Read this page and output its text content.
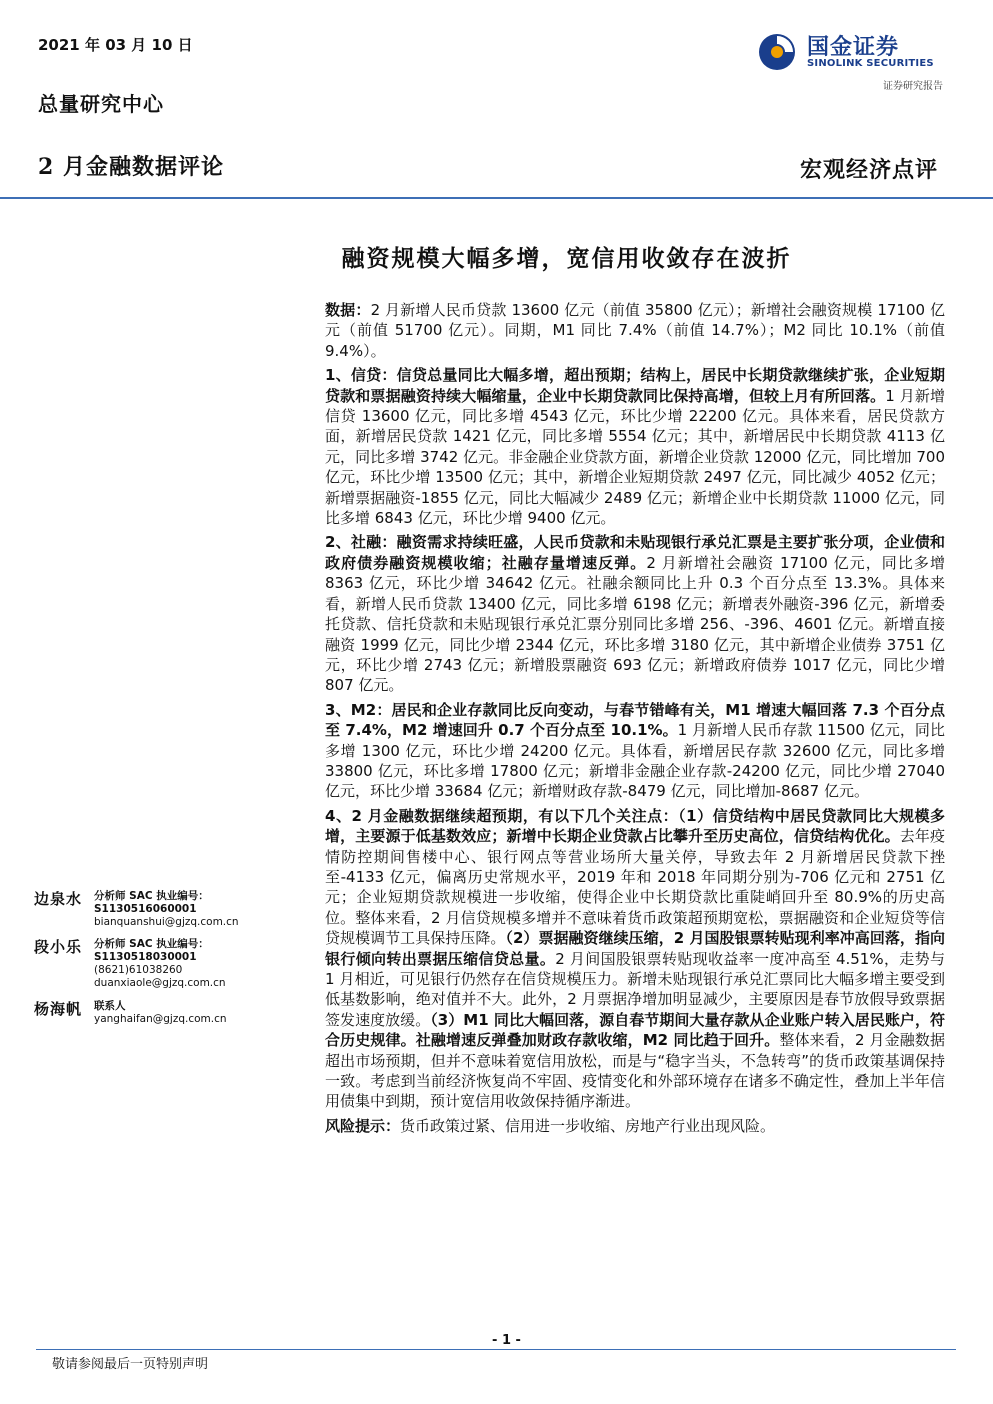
2021 年 03 月 10 日
总量研究中心
国金证券
SINOLINK SECURITIES
证券研究报告
2 月金融数据评论	宏观经济点评
融资规模大幅多增，宽信用收敛存在波折

数据：2 月新增人民币贷款 13600 亿元（前值 35800 亿元）；新增社会融资规模 17100 亿元（前值 51700 亿元）。同期，M1 同比 7.4%（前值 14.7%）；M2 同比 10.1%（前值 9.4%）。

1、信贷：信贷总量同比大幅多增，超出预期；结构上，居民中长期贷款继续扩张，企业短期贷款和票据融资持续大幅缩量，企业中长期贷款同比保持高增，但较上月有所回落。1 月新增信贷 13600 亿元，同比多增 4543 亿元，环比少增 22200 亿元。具体来看，居民贷款方面，新增居民贷款 1421 亿元，同比多增 5554 亿元；其中，新增居民中长期贷款 4113 亿元，同比多增 3742 亿元。非金融企业贷款方面，新增企业贷款 12000 亿元，同比增加 700 亿元，环比少增 13500 亿元；其中，新增企业短期贷款 2497 亿元，同比减少 4052 亿元；新增票据融资-1855 亿元，同比大幅减少 2489 亿元；新增企业中长期贷款 11000 亿元，同比多增 6843 亿元，环比少增 9400 亿元。

2、社融：融资需求持续旺盛，人民币贷款和未贴现银行承兑汇票是主要扩张分项，企业债和政府债券融资规模收缩；社融存量增速反弹。2 月新增社会融资 17100 亿元，同比多增 8363 亿元，环比少增 34642 亿元。社融余额同比上升 0.3 个百分点至 13.3%。具体来看，新增人民币贷款 13400 亿元，同比多增 6198 亿元；新增表外融资-396 亿元，新增委托贷款、信托贷款和未贴现银行承兑汇票分别同比多增 256、-396、4601 亿元。新增直接融资 1999 亿元，同比少增 2344 亿元，环比多增 3180 亿元，其中新增企业债券 3751 亿元，环比少增 2743 亿元；新增股票融资 693 亿元；新增政府债券 1017 亿元，同比少增 807 亿元。

3、M2：居民和企业存款同比反向变动，与春节错峰有关，M1 增速大幅回落 7.3 个百分点至 7.4%，M2 增速回升 0.7 个百分点至 10.1%。1 月新增人民币存款 11500 亿元，同比多增 1300 亿元，环比少增 24200 亿元。具体看，新增居民存款 32600 亿元，同比多增 33800 亿元，环比多增 17800 亿元；新增非金融企业存款-24200 亿元，同比少增 27040 亿元，环比少增 33684 亿元；新增财政存款-8479 亿元，同比增加-8687 亿元。

4、2 月金融数据继续超预期，有以下几个关注点：（1）信贷结构中居民贷款同比大规模多增，主要源于低基数效应；新增中长期企业贷款占比攀升至历史高位，信贷结构优化。去年疫情防控期间售楼中心、银行网点等营业场所大量关停，导致去年 2 月新增居民贷款下挫至-4133 亿元，偏离历史常规水平，2019 年和 2018 年同期分别为-706 亿元和 2751 亿元；企业短期贷款规模进一步收缩，使得企业中长期贷款比重陡峭回升至 80.9%的历史高位。整体来看，2 月信贷规模多增并不意味着货币政策超预期宽松，票据融资和企业短贷等信贷规模调节工具保持压降。（2）票据融资继续压缩，2 月国股银票转贴现利率冲高回落，指向银行倾向转出票据压缩信贷总量。2 月间国股银票转贴现收益率一度冲高至 4.51%，走势与 1 月相近，可见银行仍然存在信贷规模压力。新增未贴现银行承兑汇票同比大幅多增主要受到低基数影响，绝对值并不大。此外，2 月票据净增加明显减少，主要原因是春节放假导致票据签发速度放缓。（3）M1 同比大幅回落，源自春节期间大量存款从企业账户转入居民账户，符合历史规律。社融增速反弹叠加财政存款收缩，M2 同比趋于回升。整体来看，2 月金融数据超出市场预期，但并不意味着宽信用放松，而是与“稳字当头，不急转弯”的货币政策基调保持一致。考虑到当前经济恢复尚不牢固、疫情变化和外部环境存在诸多不确定性，叠加上半年信用债集中到期，预计宽信用收敛保持循序渐进。

风险提示：货币政策过紧、信用进一步收缩、房地产行业出现风险。

边泉水 分析师 SAC 执业编号：S1130516060001
bianquanshui@gjzq.com.cn
段小乐 分析师 SAC 执业编号：S1130518030001
(8621)61038260
duanxiaole@gjzq.com.cn
杨海帆 联系人
yanghaifan@gjzq.com.cn
- 1 -
敬请参阅最后一页特别声明
